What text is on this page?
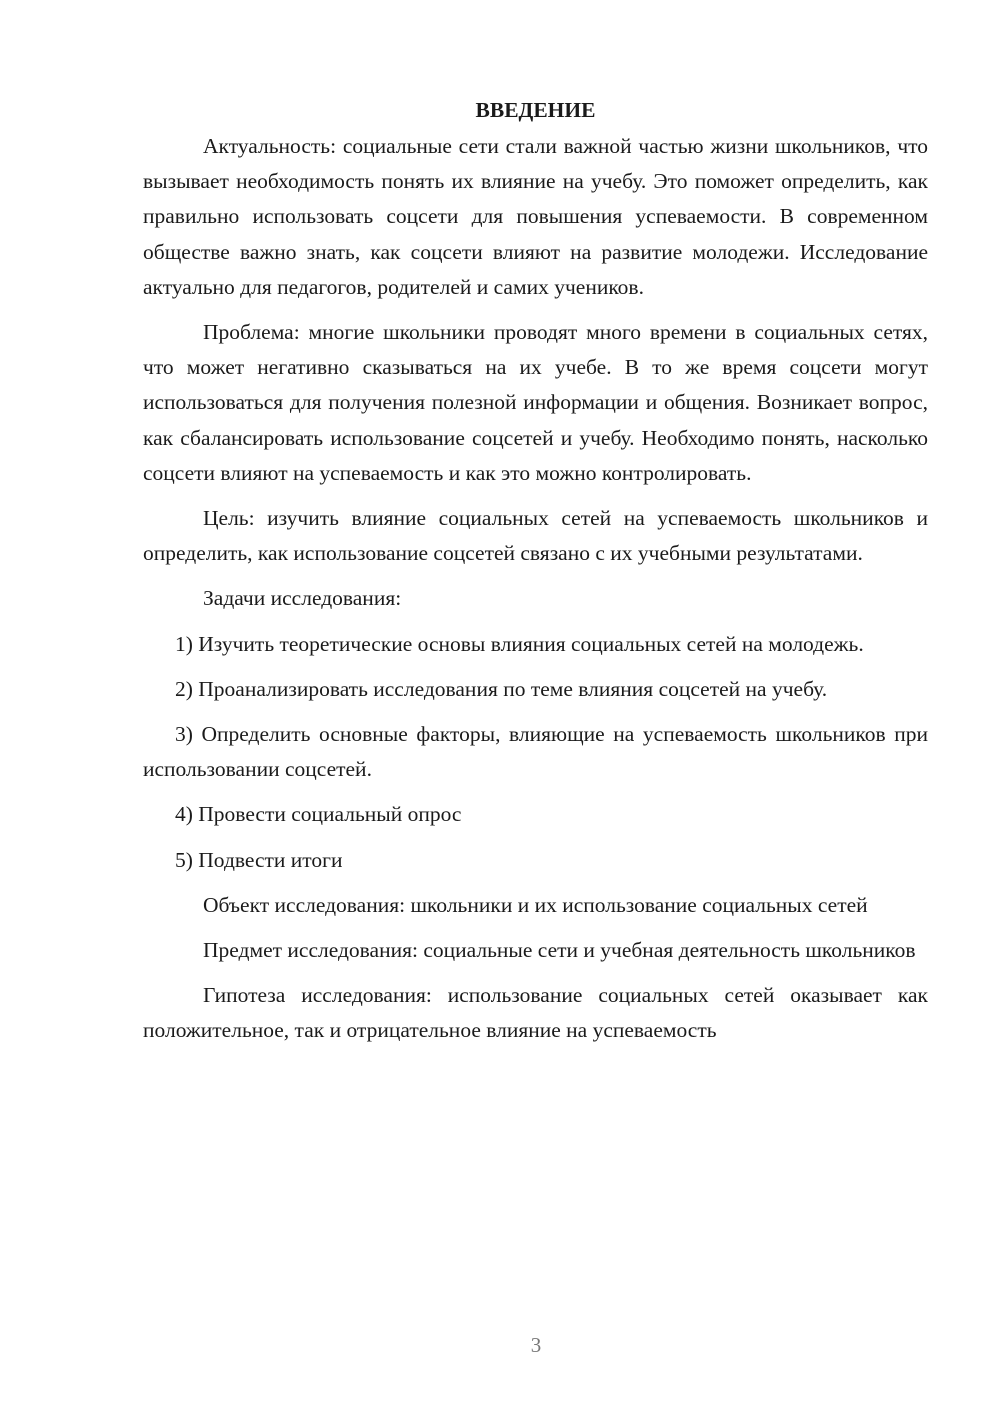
ВВЕДЕНИЕ

Актуальность: социальные сети стали важной частью жизни школьников, что вызывает необходимость понять их влияние на учебу. Это поможет определить, как правильно использовать соцсети для повышения успеваемости. В современном обществе важно знать, как соцсети влияют на развитие молодежи. Исследование актуально для педагогов, родителей и самих учеников.

Проблема: многие школьники проводят много времени в социальных сетях, что может негативно сказываться на их учебе. В то же время соцсети могут использоваться для получения полезной информации и общения. Возникает вопрос, как сбалансировать использование соцсетей и учебу. Необходимо понять, насколько соцсети влияют на успеваемость и как это можно контролировать.

Цель: изучить влияние социальных сетей на успеваемость школьников и определить, как использование соцсетей связано с их учебными результатами.

Задачи исследования:

1) Изучить теоретические основы влияния социальных сетей на молодежь.

2) Проанализировать исследования по теме влияния соцсетей на учебу.

3) Определить основные факторы, влияющие на успеваемость школьников при использовании соцсетей.

4) Провести социальный опрос

5) Подвести итоги

Объект исследования: школьники и их использование социальных сетей

Предмет исследования: социальные сети и учебная деятельность школьников

Гипотеза исследования: использование социальных сетей оказывает как положительное, так и отрицательное влияние на успеваемость

3
